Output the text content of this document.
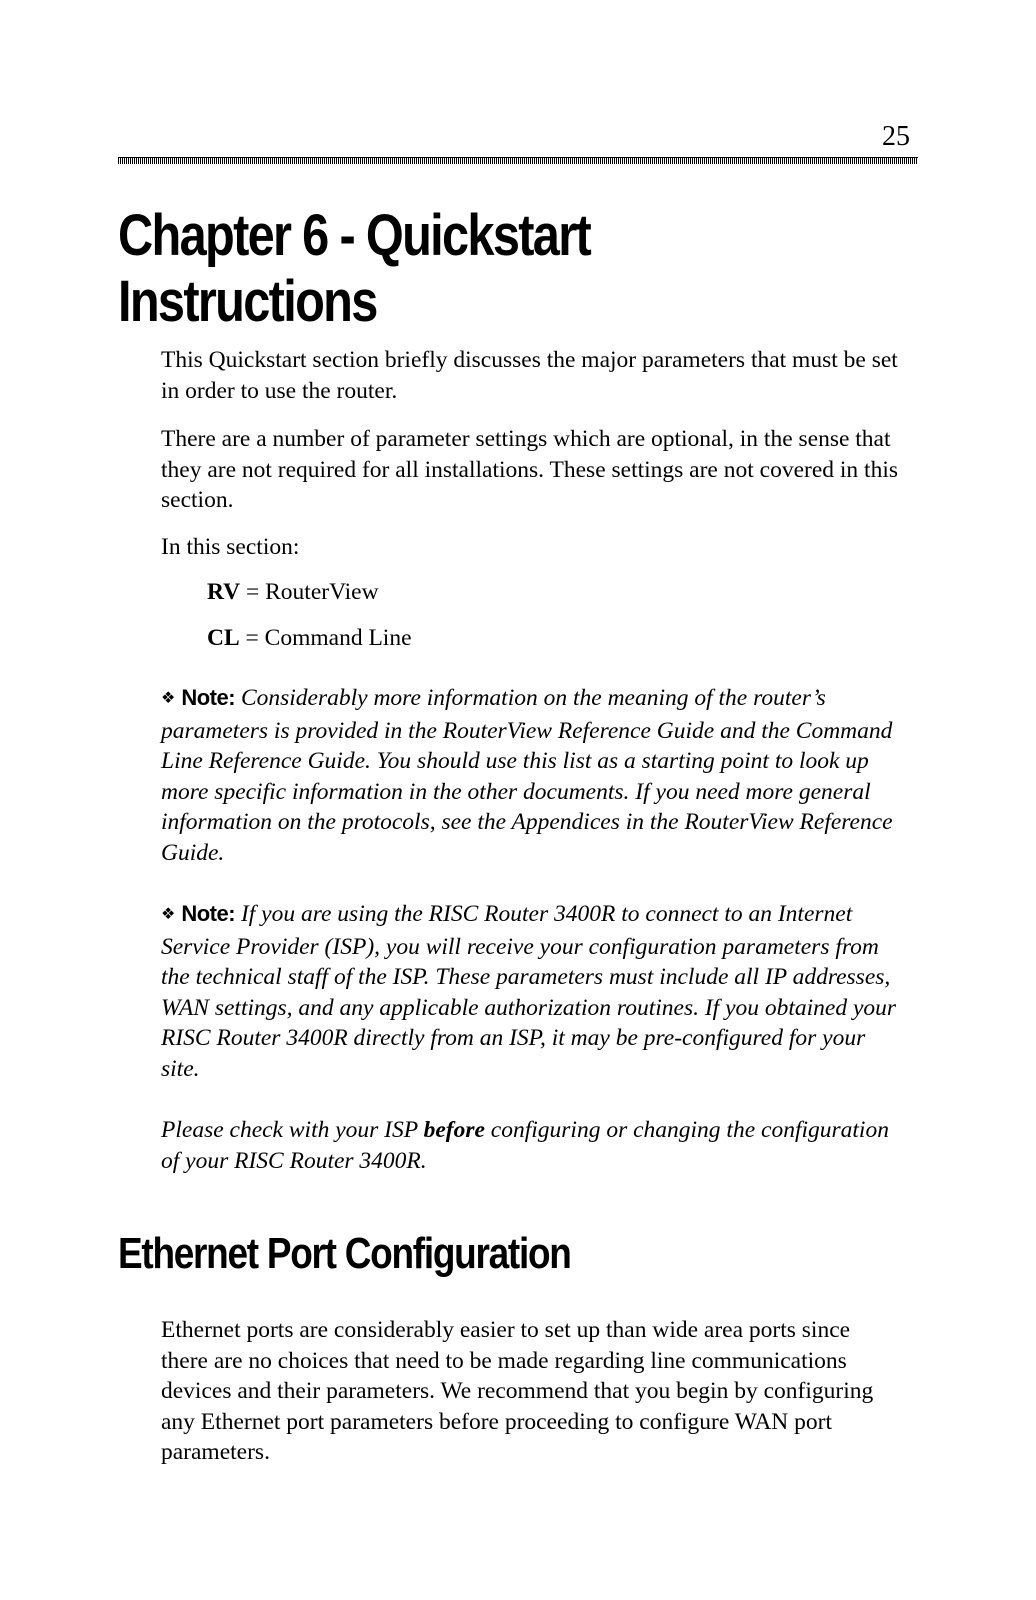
25
Chapter 6 - Quickstart
Instructions

This Quickstart section briefly discusses the major parameters that must be set in order to use the router.

There are a number of parameter settings which are optional, in the sense that they are not required for all installations. These settings are not covered in this section.

In this section:

RV = RouterView

CL = Command Line

❖ Note: Considerably more information on the meaning of the router’s parameters is provided in the RouterView Reference Guide and the Command Line Reference Guide. You should use this list as a starting point to look up more specific information in the other documents. If you need more general information on the protocols, see the Appendices in the RouterView Reference Guide.

❖ Note: If you are using the RISC Router 3400R to connect to an Internet Service Provider (ISP), you will receive your configuration parameters from the technical staff of the ISP. These parameters must include all IP addresses, WAN settings, and any applicable authorization routines. If you obtained your RISC Router 3400R directly from an ISP, it may be pre-configured for your site.

Please check with your ISP before configuring or changing the configuration of your RISC Router 3400R.

Ethernet Port Configuration

Ethernet ports are considerably easier to set up than wide area ports since there are no choices that need to be made regarding line communications devices and their parameters. We recommend that you begin by configuring any Ethernet port parameters before proceeding to configure WAN port parameters.
